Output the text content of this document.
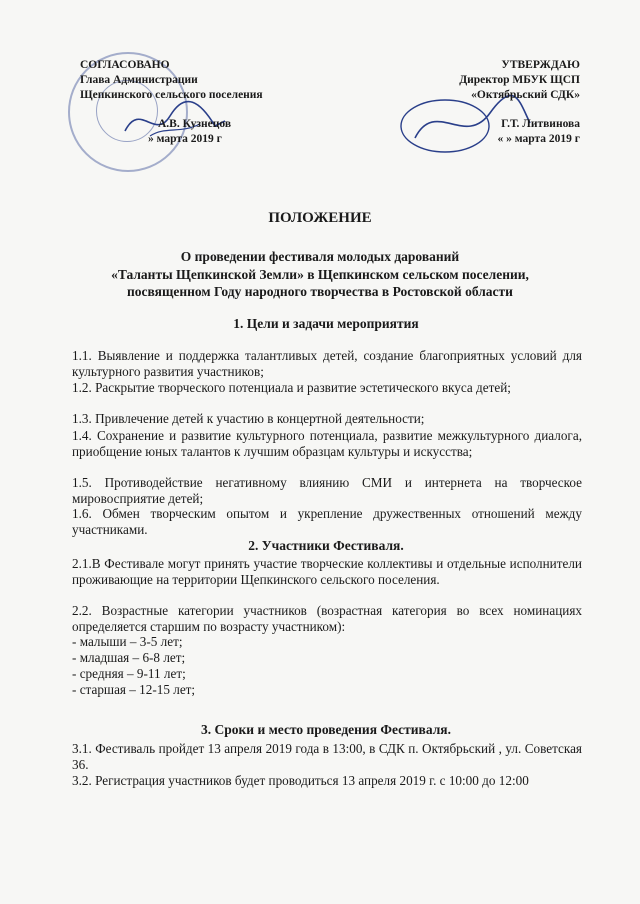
СОГЛАСОВАНО
Глава Администрации
Щепкинского сельского поселения
А.В. Кузнецов
» марта 2019 г
УТВЕРЖДАЮ
Директор МБУК ЩСП
«Октябрьский СДК»
Г.Т. Литвинова
« » марта 2019 г
ПОЛОЖЕНИЕ
О проведении фестиваля молодых дарований
«Таланты Щепкинской Земли» в Щепкинском сельском поселении,
посвященном Году народного творчества в Ростовской области
1. Цели и задачи мероприятия
1.1. Выявление и поддержка талантливых детей, создание благоприятных условий для культурного развития участников;
1.2. Раскрытие творческого потенциала и развитие эстетического вкуса детей;
1.3. Привлечение детей к участию в концертной деятельности;
1.4. Сохранение и развитие культурного потенциала, развитие межкультурного диалога, приобщение юных талантов к лучшим образцам культуры и искусства;
1.5. Противодействие негативному влиянию СМИ и интернета на творческое мировосприятие детей;
1.6. Обмен творческим опытом и укрепление дружественных отношений между участниками.
2. Участники Фестиваля.
2.1.В Фестивале могут принять участие творческие коллективы и отдельные исполнители проживающие на территории Щепкинского сельского поселения.
2.2. Возрастные категории участников (возрастная категория во всех номинациях определяется старшим по возрасту участником):
- малыши – 3-5 лет;
- младшая – 6-8 лет;
- средняя – 9-11 лет;
- старшая – 12-15 лет;
3. Сроки и место проведения Фестиваля.
3.1. Фестиваль пройдет 13 апреля 2019 года в 13:00, в СДК п. Октябрьский , ул. Советская 36.
3.2. Регистрация участников будет проводиться 13 апреля 2019 г. с 10:00 до 12:00
